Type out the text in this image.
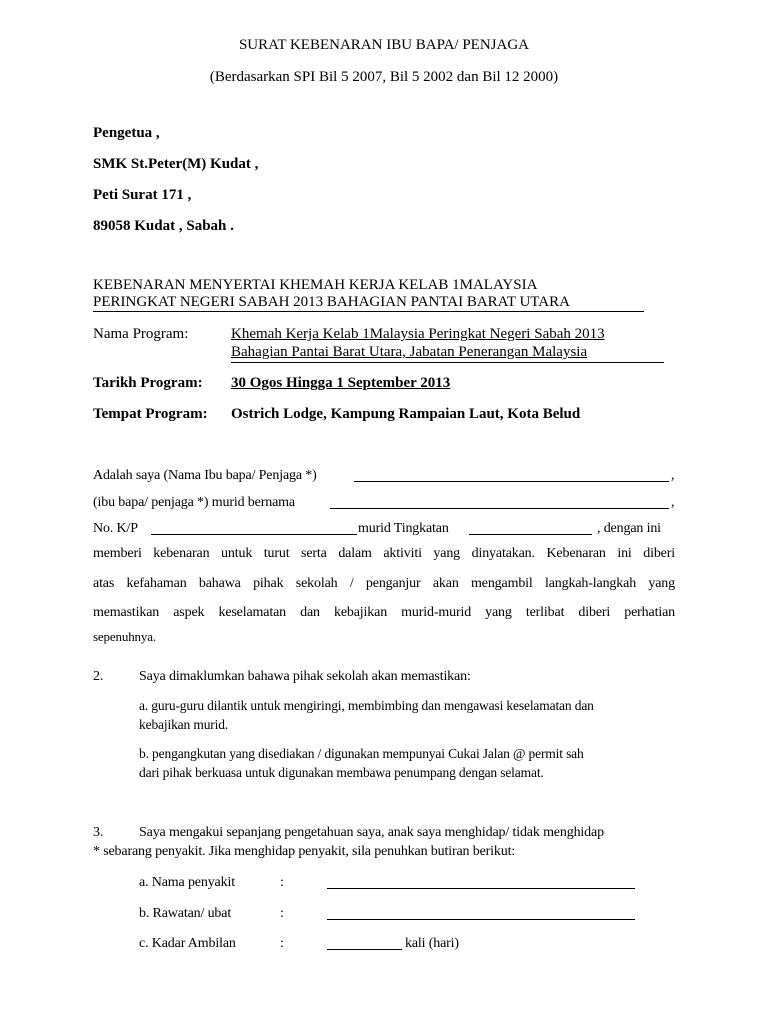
SURAT KEBENARAN IBU BAPA/ PENJAGA
(Berdasarkan SPI Bil 5 2007, Bil 5 2002 dan Bil 12 2000)
Pengetua ,
SMK St.Peter(M) Kudat ,
Peti Surat 171 ,
89058 Kudat , Sabah .
KEBENARAN MENYERTAI KHEMAH KERJA KELAB 1MALAYSIA
PERINGKAT NEGERI SABAH 2013 BAHAGIAN PANTAI BARAT UTARA
Nama Program:	Khemah Kerja Kelab 1Malaysia Peringkat Negeri Sabah 2013
Bahagian Pantai Barat Utara, Jabatan Penerangan Malaysia
Tarikh Program: 30 Ogos Hingga 1 September 2013
Tempat Program: Ostrich Lodge, Kampung Rampaian Laut, Kota Belud
Adalah saya (Nama Ibu bapa/ Penjaga *)	,
(ibu bapa/ penjaga *) murid bernama	,
No. K/P	murid Tingkatan	, dengan ini
memberi kebenaran untuk turut serta dalam aktiviti yang dinyatakan. Kebenaran ini diberi
atas kefahaman bahawa pihak sekolah / penganjur akan mengambil langkah-langkah yang
memastikan aspek keselamatan dan kebajikan murid-murid yang terlibat diberi perhatian
sepenuhnya.
2.	Saya dimaklumkan bahawa pihak sekolah akan memastikan:
a. guru-guru dilantik untuk mengiringi, membimbing dan mengawasi keselamatan dan
kebajikan murid.
b. pengangkutan yang disediakan / digunakan mempunyai Cukai Jalan @ permit sah
dari pihak berkuasa untuk digunakan membawa penumpang dengan selamat.
3.	Saya mengakui sepanjang pengetahuan saya, anak saya menghidap/ tidak menghidap
* sebarang penyakit. Jika menghidap penyakit, sila penuhkan butiran berikut:
a. Nama penyakit	:
b. Rawatan/ ubat	:
c. Kadar Ambilan	:	kali (hari)
